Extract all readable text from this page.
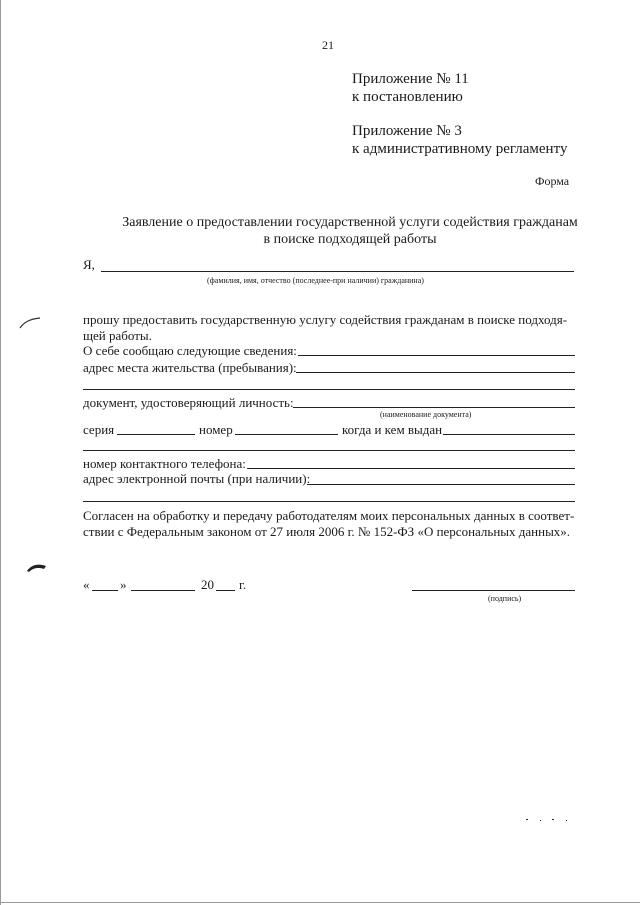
21
Приложение № 11
к постановлению
Приложение № 3
к административному регламенту
Форма
Заявление о предоставлении государственной услуги содействия гражданам
в поиске подходящей работы
Я,
(фамилия, имя, отчество (последнее-при наличии) гражданина)
прошу предоставить государственную услугу содействия гражданам в поиске подходя-
щей работы.
О себе сообщаю следующие сведения:
адрес места жительства (пребывания):
документ, удостоверяющий личность:
(наименование документа)
серия	номер	когда и кем выдан
номер контактного телефона:
адрес электронной почты (при наличии):
Согласен на обработку и передачу работодателям моих персональных данных в соответ-
ствии с Федеральным законом от 27 июля 2006 г. № 152-ФЗ «О персональных данных».
« »	20 г.
(подпись)
